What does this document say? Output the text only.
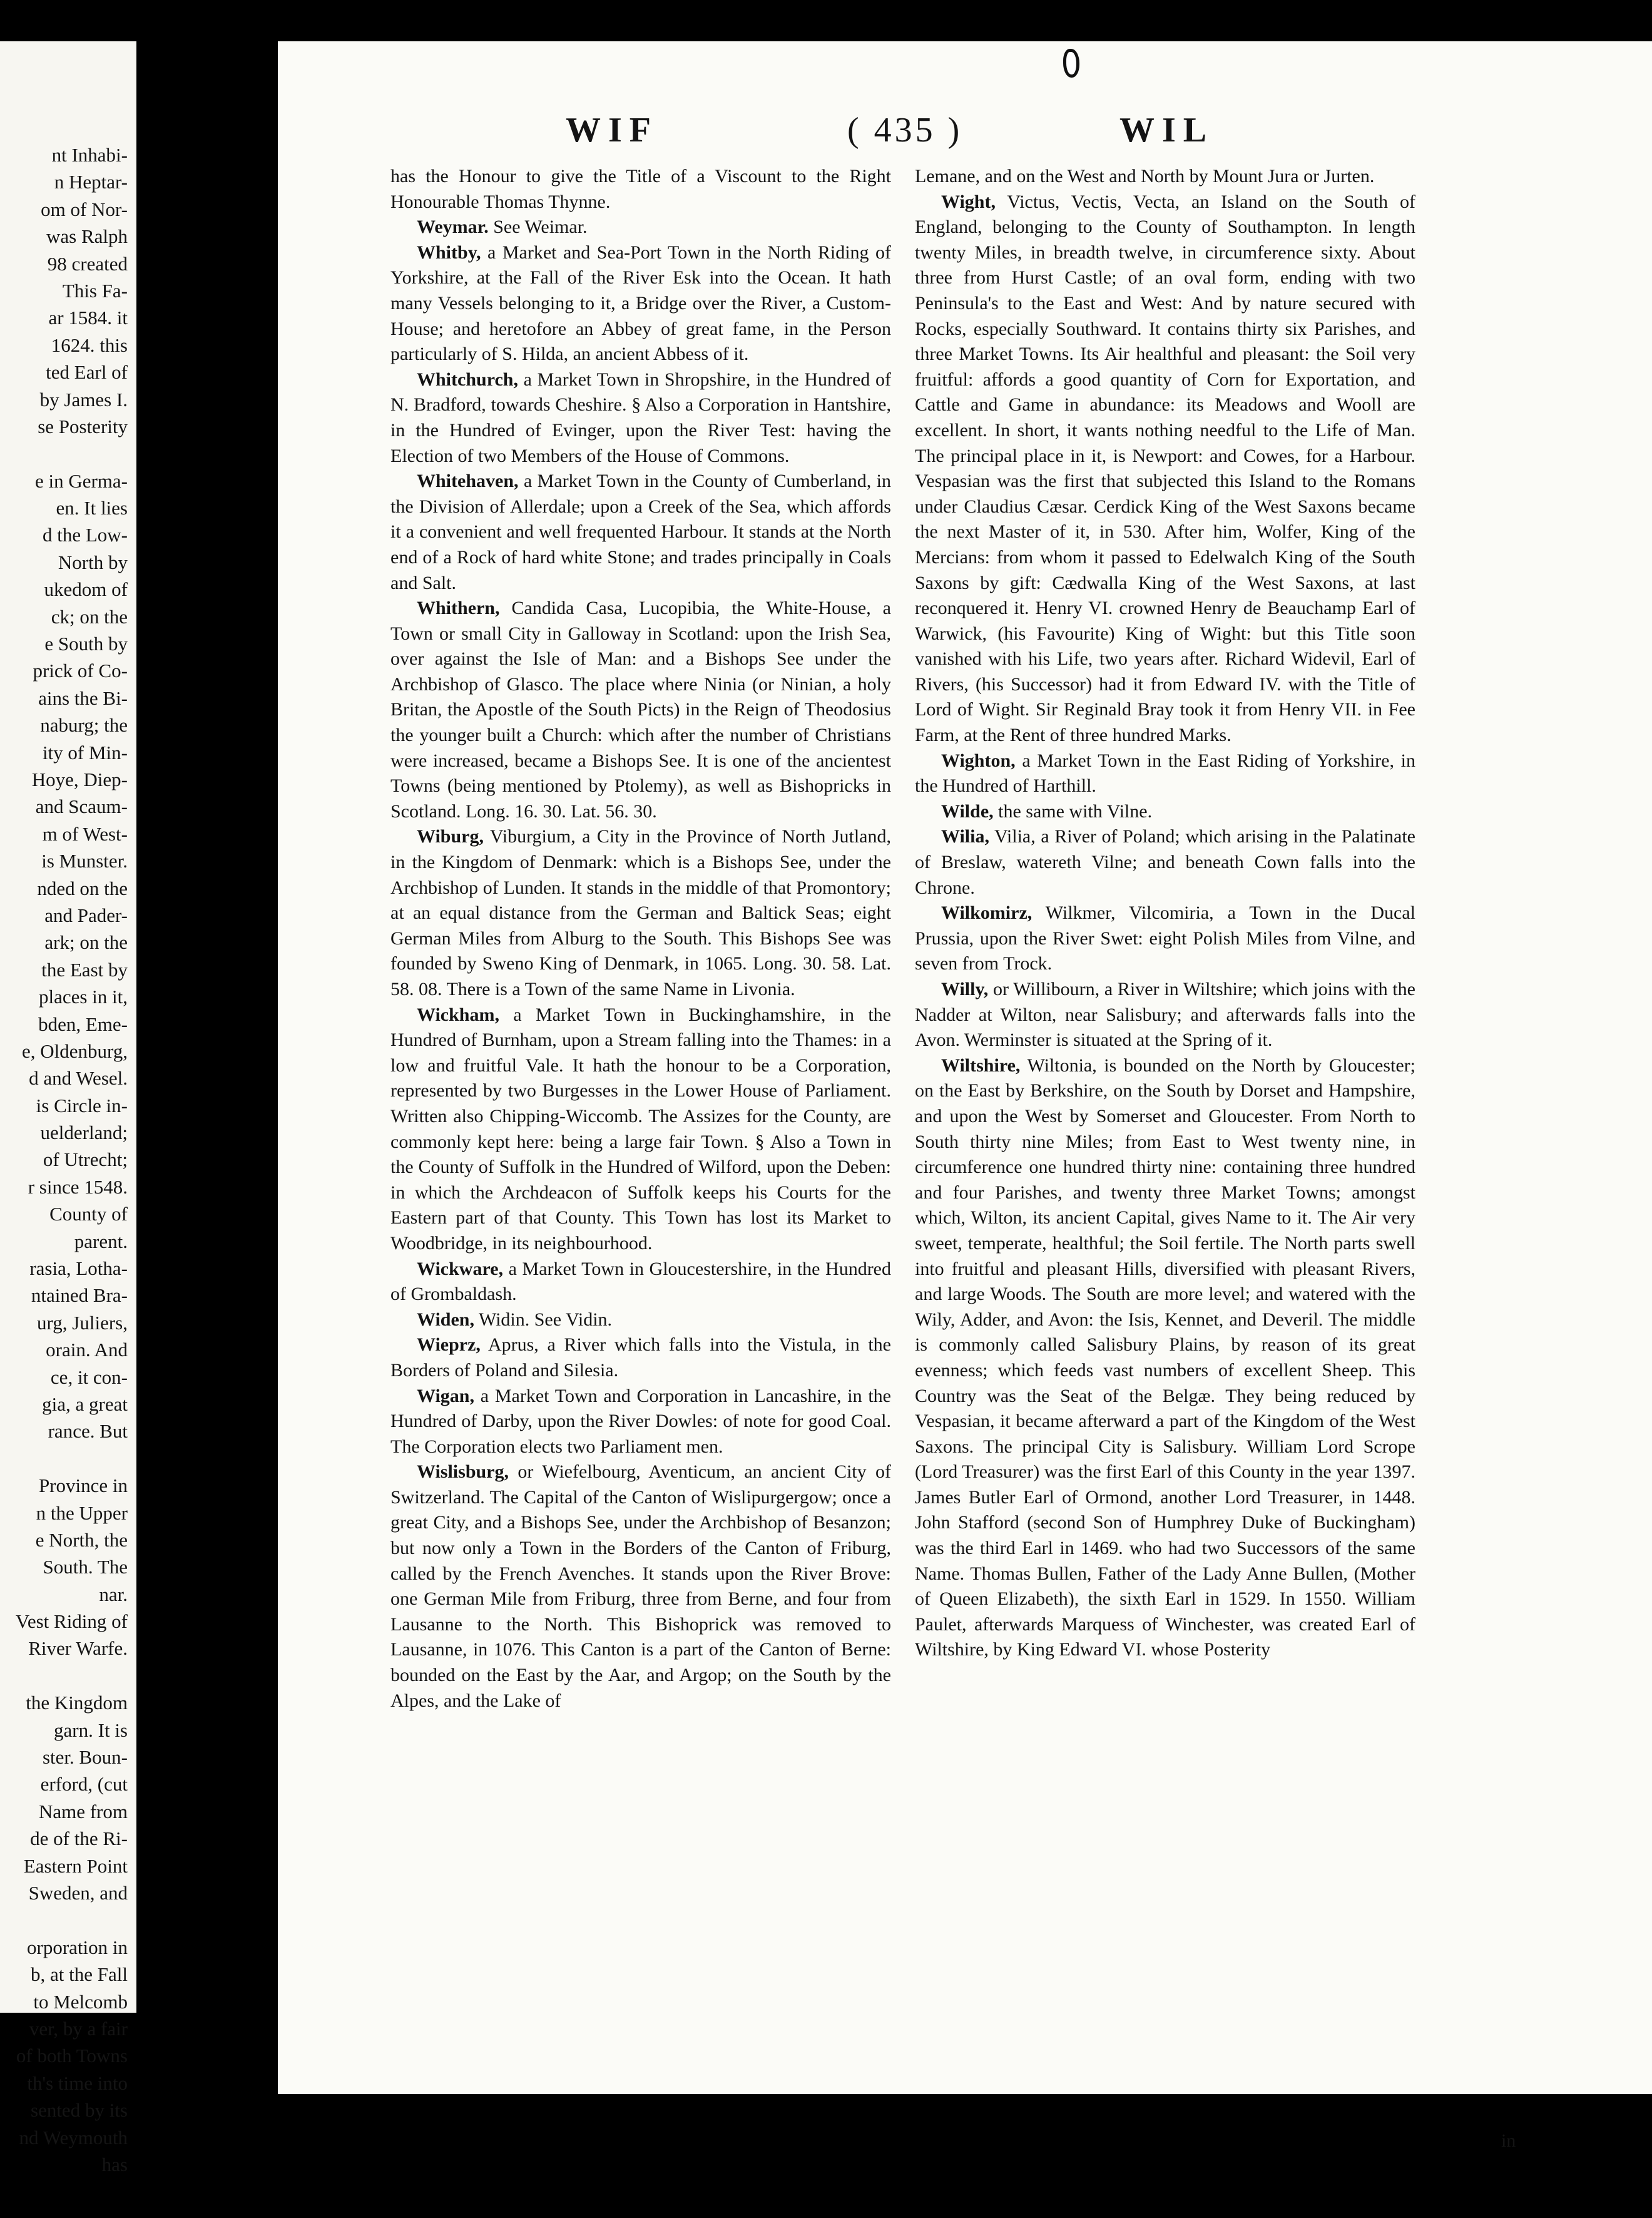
nt Inhabi-
n Heptar-
om of Nor-
was Ralph
98 created
This Fa-
ar 1584. it
1624. this
ted Earl of
by James I.
se Posterity
e in Germa-
en. It lies
d the Low-
North by
ukedom of
ck; on the
e South by
prick of Co-
ains the Bi-
naburg; the
ity of Min-
Hoye, Diep-
and Scaum-
m of West-
is Munster.
nded on the
and Pader-
ark; on the
the East by
places in it,
bden, Eme-
e, Oldenburg,
d and Wesel.
is Circle in-
uelderland;
of Utrecht;
r since 1548.
County of
parent.
rasia, Lotha-
ntained Bra-
urg, Juliers,
orain. And
ce, it con-
gia, a great
rance. But
Province in
n the Upper
e North, the
South. The
nar.
Vest Riding of
River Warfe.
the Kingdom
garn. It is
ster. Boun-
erford, (cut
Name from
de of the Ri-
Eastern Point
Sweden, and
orporation in
b, at the Fall
to Melcomb
ver, by a fair
of both Towns
th's time into
sented by its
nd Weymouth
has
WIF	( 435 )	WIL

has the Honour to give the Title of a Viscount to the Right Honourable Thomas Thynne.

Weymar. See Weimar.

Whitby, a Market and Sea-Port Town in the North Riding of Yorkshire, at the Fall of the River Esk into the Ocean. It hath many Vessels belonging to it, a Bridge over the River, a Custom-House; and heretofore an Abbey of great fame, in the Person particularly of S. Hilda, an ancient Abbess of it.

Whitchurch, a Market Town in Shropshire, in the Hundred of N. Bradford, towards Cheshire. § Also a Corporation in Hantshire, in the Hundred of Evinger, upon the River Test: having the Election of two Members of the House of Commons.

Whitehaven, a Market Town in the County of Cumberland, in the Division of Allerdale; upon a Creek of the Sea, which affords it a convenient and well frequented Harbour. It stands at the North end of a Rock of hard white Stone; and trades principally in Coals and Salt.

Whithern, Candida Casa, Lucopibia, the White-House, a Town or small City in Galloway in Scotland: upon the Irish Sea, over against the Isle of Man: and a Bishops See under the Archbishop of Glasco. The place where Ninia (or Ninian, a holy Britan, the Apostle of the South Picts) in the Reign of Theodosius the younger built a Church: which after the number of Christians were increased, became a Bishops See. It is one of the ancientest Towns (being mentioned by Ptolemy), as well as Bishopricks in Scotland. Long. 16. 30. Lat. 56. 30.

Wiburg, Viburgium, a City in the Province of North Jutland, in the Kingdom of Denmark: which is a Bishops See, under the Archbishop of Lunden. It stands in the middle of that Promontory; at an equal distance from the German and Baltick Seas; eight German Miles from Alburg to the South. This Bishops See was founded by Sweno King of Denmark, in 1065. Long. 30. 58. Lat. 58. 08. There is a Town of the same Name in Livonia.

Wickham, a Market Town in Buckinghamshire, in the Hundred of Burnham, upon a Stream falling into the Thames: in a low and fruitful Vale. It hath the honour to be a Corporation, represented by two Burgesses in the Lower House of Parliament. Written also Chipping-Wiccomb. The Assizes for the County, are commonly kept here: being a large fair Town. § Also a Town in the County of Suffolk in the Hundred of Wilford, upon the Deben: in which the Archdeacon of Suffolk keeps his Courts for the Eastern part of that County. This Town has lost its Market to Woodbridge, in its neighbourhood.

Wickware, a Market Town in Gloucestershire, in the Hundred of Grombaldash.

Widen, Widin. See Vidin.

Wieprz, Aprus, a River which falls into the Vistula, in the Borders of Poland and Silesia.

Wigan, a Market Town and Corporation in Lancashire, in the Hundred of Darby, upon the River Dowles: of note for good Coal. The Corporation elects two Parliament men.

Wislisburg, or Wiefelbourg, Aventicum, an ancient City of Switzerland. The Capital of the Canton of Wislipurgergow; once a great City, and a Bishops See, under the Archbishop of Besanzon; but now only a Town in the Borders of the Canton of Friburg, called by the French Avenches. It stands upon the River Brove: one German Mile from Friburg, three from Berne, and four from Lausanne to the North. This Bishoprick was removed to Lausanne, in 1076. This Canton is a part of the Canton of Berne: bounded on the East by the Aar, and Argop; on the South by the Alpes, and the Lake of

Lemane, and on the West and North by Mount Jura or Jurten.

Wight, Victus, Vectis, Vecta, an Island on the South of England, belonging to the County of Southampton. In length twenty Miles, in breadth twelve, in circumference sixty. About three from Hurst Castle; of an oval form, ending with two Peninsula's to the East and West: And by nature secured with Rocks, especially Southward. It contains thirty six Parishes, and three Market Towns. Its Air healthful and pleasant: the Soil very fruitful: affords a good quantity of Corn for Exportation, and Cattle and Game in abundance: its Meadows and Wooll are excellent. In short, it wants nothing needful to the Life of Man. The principal place in it, is Newport: and Cowes, for a Harbour. Vespasian was the first that subjected this Island to the Romans under Claudius Cæsar. Cerdick King of the West Saxons became the next Master of it, in 530. After him, Wolfer, King of the Mercians: from whom it passed to Edelwalch King of the South Saxons by gift: Cædwalla King of the West Saxons, at last reconquered it. Henry VI. crowned Henry de Beauchamp Earl of Warwick, (his Favourite) King of Wight: but this Title soon vanished with his Life, two years after. Richard Widevil, Earl of Rivers, (his Successor) had it from Edward IV. with the Title of Lord of Wight. Sir Reginald Bray took it from Henry VII. in Fee Farm, at the Rent of three hundred Marks.

Wighton, a Market Town in the East Riding of Yorkshire, in the Hundred of Harthill.

Wilde, the same with Vilne.

Wilia, Vilia, a River of Poland; which arising in the Palatinate of Breslaw, watereth Vilne; and beneath Cown falls into the Chrone.

Wilkomirz, Wilkmer, Vilcomiria, a Town in the Ducal Prussia, upon the River Swet: eight Polish Miles from Vilne, and seven from Trock.

Willy, or Willibourn, a River in Wiltshire; which joins with the Nadder at Wilton, near Salisbury; and afterwards falls into the Avon. Werminster is situated at the Spring of it.

Wiltshire, Wiltonia, is bounded on the North by Gloucester; on the East by Berkshire, on the South by Dorset and Hampshire, and upon the West by Somerset and Gloucester. From North to South thirty nine Miles; from East to West twenty nine, in circumference one hundred thirty nine: containing three hundred and four Parishes, and twenty three Market Towns; amongst which, Wilton, its ancient Capital, gives Name to it. The Air very sweet, temperate, healthful; the Soil fertile. The North parts swell into fruitful and pleasant Hills, diversified with pleasant Rivers, and large Woods. The South are more level; and watered with the Wily, Adder, and Avon: the Isis, Kennet, and Deveril. The middle is commonly called Salisbury Plains, by reason of its great evenness; which feeds vast numbers of excellent Sheep. This Country was the Seat of the Belgæ. They being reduced by Vespasian, it became afterward a part of the Kingdom of the West Saxons. The principal City is Salisbury. William Lord Scrope (Lord Treasurer) was the first Earl of this County in the year 1397. James Butler Earl of Ormond, another Lord Treasurer, in 1448. John Stafford (second Son of Humphrey Duke of Buckingham) was the third Earl in 1469. who had two Successors of the same Name. Thomas Bullen, Father of the Lady Anne Bullen, (Mother of Queen Elizabeth), the sixth Earl in 1529. In 1550. William Paulet, afterwards Marquess of Winchester, was created Earl of Wiltshire, by King Edward VI. whose Posterity

in
